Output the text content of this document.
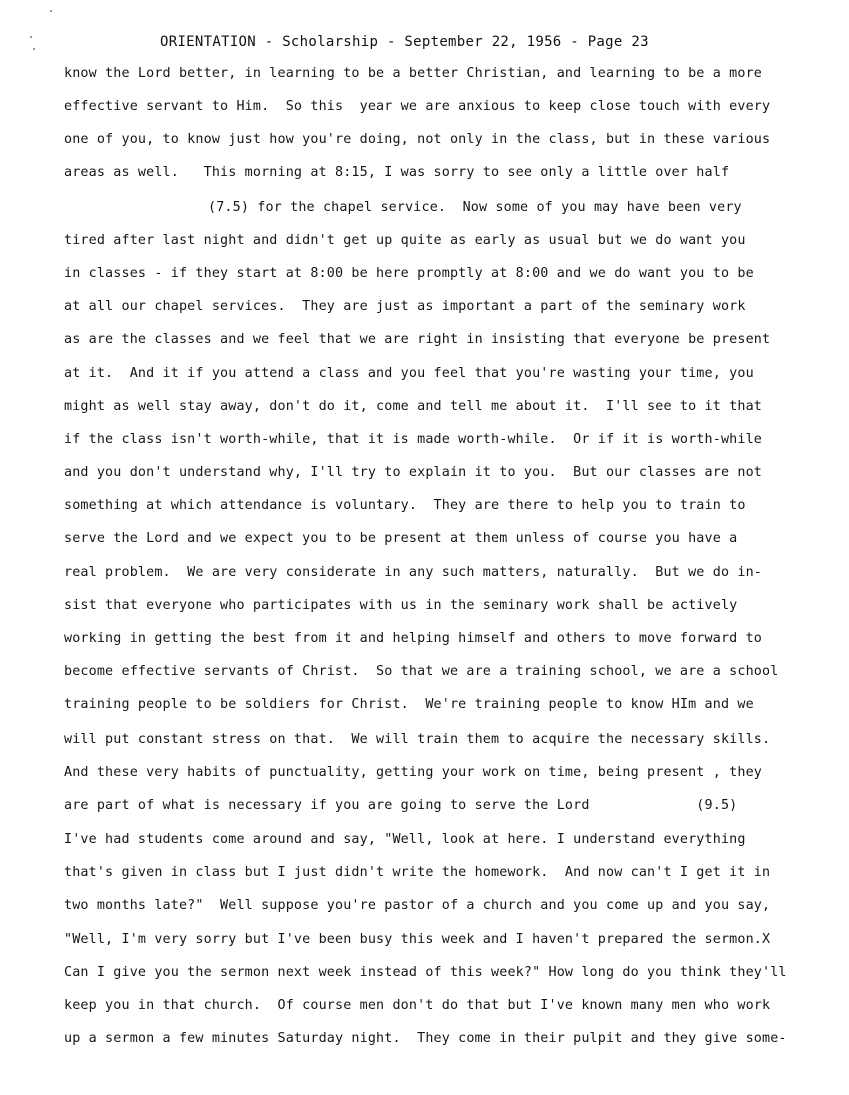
ORIENTATION - Scholarship - September 22, 1956 - Page 23
know the Lord better, in learning to be a better Christian, and learning to be a more
effective servant to Him.  So this  year we are anxious to keep close touch with every
one of you, to know just how you're doing, not only in the class, but in these various
areas as well.   This morning at 8:15, I was sorry to see only a little over half
(7.5) for the chapel service.  Now some of you may have been very
tired after last night and didn't get up quite as early as usual but we do want you
in classes - if they start at 8:00 be here promptly at 8:00 and we do want you to be
at all our chapel services.  They are just as important a part of the seminary work
as are the classes and we feel that we are right in insisting that everyone be present
at it.  And it if you attend a class and you feel that you're wasting your time, you
might as well stay away, don't do it, come and tell me about it.  I'll see to it that
if the class isn't worth-while, that it is made worth-while.  Or if it is worth-while
and you don't understand why, I'll try to explain it to you.  But our classes are not
something at which attendance is voluntary.  They are there to help you to train to
serve the Lord and we expect you to be present at them unless of course you have a
real problem.  We are very considerate in any such matters, naturally.  But we do in-
sist that everyone who participates with us in the seminary work shall be actively
working in getting the best from it and helping himself and others to move forward to
become effective servants of Christ.  So that we are a training school, we are a school
training people to be soldiers for Christ.  We're training people to know HIm and we
will put constant stress on that.  We will train them to acquire the necessary skills.
And these very habits of punctuality, getting your work on time, being present , they
are part of what is necessary if you are going to serve the Lord             (9.5)
I've had students come around and say, "Well, look at here. I understand everything
that's given in class but I just didn't write the homework.  And now can't I get it in
two months late?"  Well suppose you're pastor of a church and you come up and you say,
"Well, I'm very sorry but I've been busy this week and I haven't prepared the sermon.X
Can I give you the sermon next week instead of this week?" How long do you think they'll
keep you in that church.  Of course men don't do that but I've known many men who work
up a sermon a few minutes Saturday night.  They come in their pulpit and they give some-
